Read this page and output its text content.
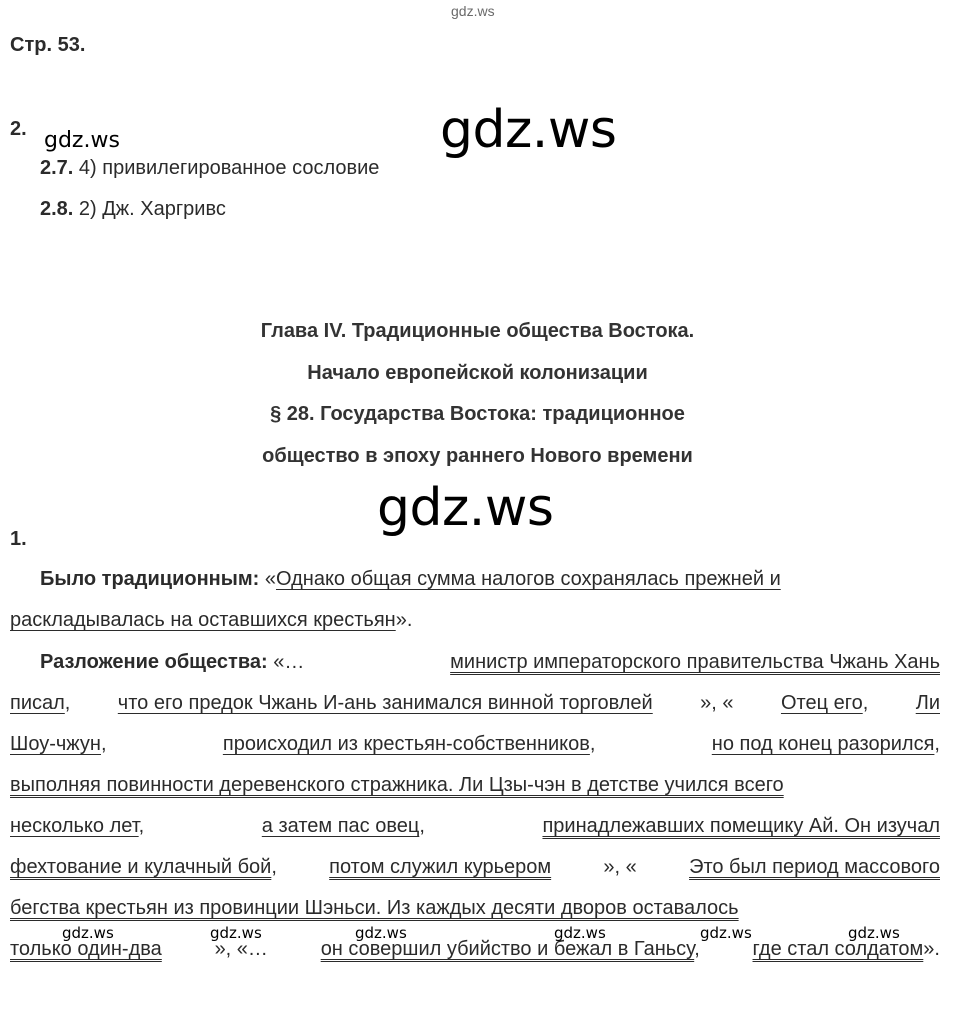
gdz.ws
gdz.ws
gdz.ws
gdz.ws
Стр. 53.
2.
2.7. 4) привилегированное сословие
2.8. 2) Дж. Харгривс
Глава IV. Традиционные общества Востока.
Начало европейской колонизации
§ 28. Государства Востока: традиционное
общество в эпоху раннего Нового времени
1.
Было традиционным: «Однако общая сумма налогов сохранялась прежней и
раскладывалась на оставшихся крестьян».
Разложение общества: «…	министр императорского правительства Чжань Хань
писал, что его предок Чжань И-ань занимался винной торговлей », « Отец его, Ли
Шоу-чжун,	происходил из крестьян-собственников,	но под конец разорился,
выполняя повинности деревенского стражника. Ли Цзы-чэн в детстве учился всего
несколько лет,	а затем пас овец,	принадлежавших помещику Ай. Он изучал
фехтование и кулачный бой,	потом служил курьером	», «	Это был период массового
бегства крестьян из провинции Шэньси. Из каждых десяти дворов оставалось
только один-два	», «…	он совершил убийство и бежал в Ганьсу,	где стал солдатом».
gdz.ws	gdz.ws	gdz.ws	gdz.ws	gdz.ws	gdz.ws
